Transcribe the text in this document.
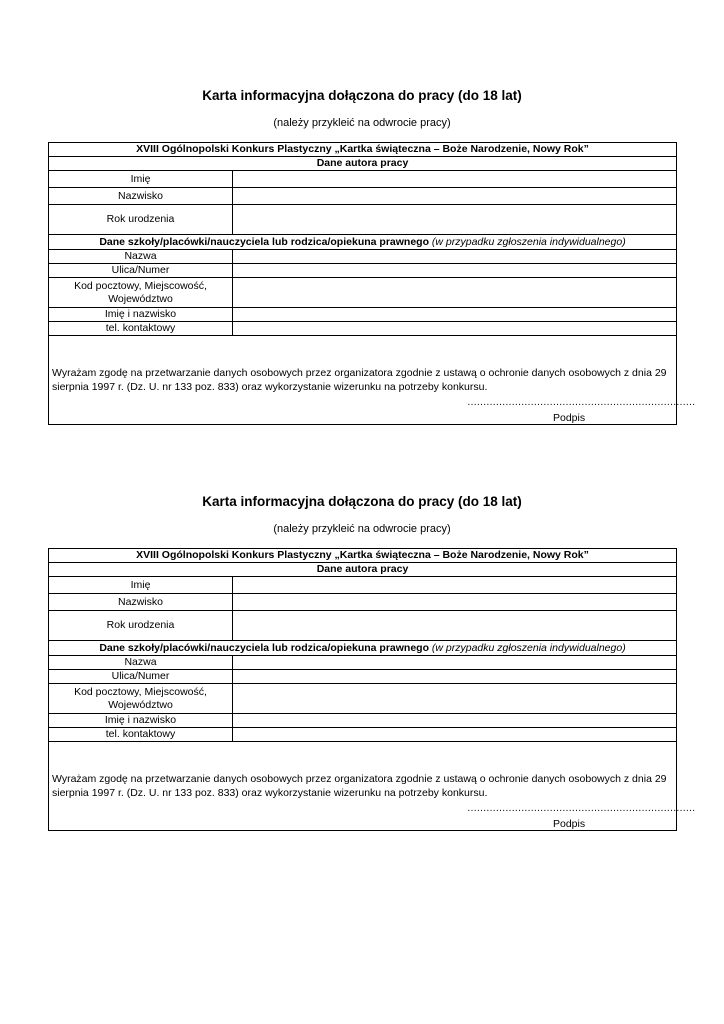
Karta informacyjna dołączona do pracy (do 18 lat)
(należy przykleić na odwrocie pracy)
XVIII Ogólnopolski Konkurs Plastyczny „Kartka świąteczna – Boże Narodzenie, Nowy Rok”	
Dane autora pracy	
Imię	
Nazwisko	
Rok urodzenia	
Dane szkoły/placówki/nauczyciela lub rodzica/opiekuna prawnego (w przypadku zgłoszenia indywidualnego)	
Nazwa	
Ulica/Numer	
Kod pocztowy, Miejscowość, Województwo	
Imię i nazwisko	
tel. kontaktowy	

Wyrażam zgodę na przetwarzanie danych osobowych przez organizatora zgodnie z ustawą o ochronie danych osobowych z dnia 29 sierpnia 1997 r. (Dz. U. nr 133 poz. 833) oraz wykorzystanie wizerunku na potrzeby konkursu.
………………………………………………………………
Podpis	
Karta informacyjna dołączona do pracy (do 18 lat)
(należy przykleić na odwrocie pracy)
XVIII Ogólnopolski Konkurs Plastyczny „Kartka świąteczna – Boże Narodzenie, Nowy Rok”	
Dane autora pracy	
Imię	
Nazwisko	
Rok urodzenia	
Dane szkoły/placówki/nauczyciela lub rodzica/opiekuna prawnego (w przypadku zgłoszenia indywidualnego)	
Nazwa	
Ulica/Numer	
Kod pocztowy, Miejscowość, Województwo	
Imię i nazwisko	
tel. kontaktowy	

Wyrażam zgodę na przetwarzanie danych osobowych przez organizatora zgodnie z ustawą o ochronie danych osobowych z dnia 29 sierpnia 1997 r. (Dz. U. nr 133 poz. 833) oraz wykorzystanie wizerunku na potrzeby konkursu.
………………………………………………………………
Podpis	
